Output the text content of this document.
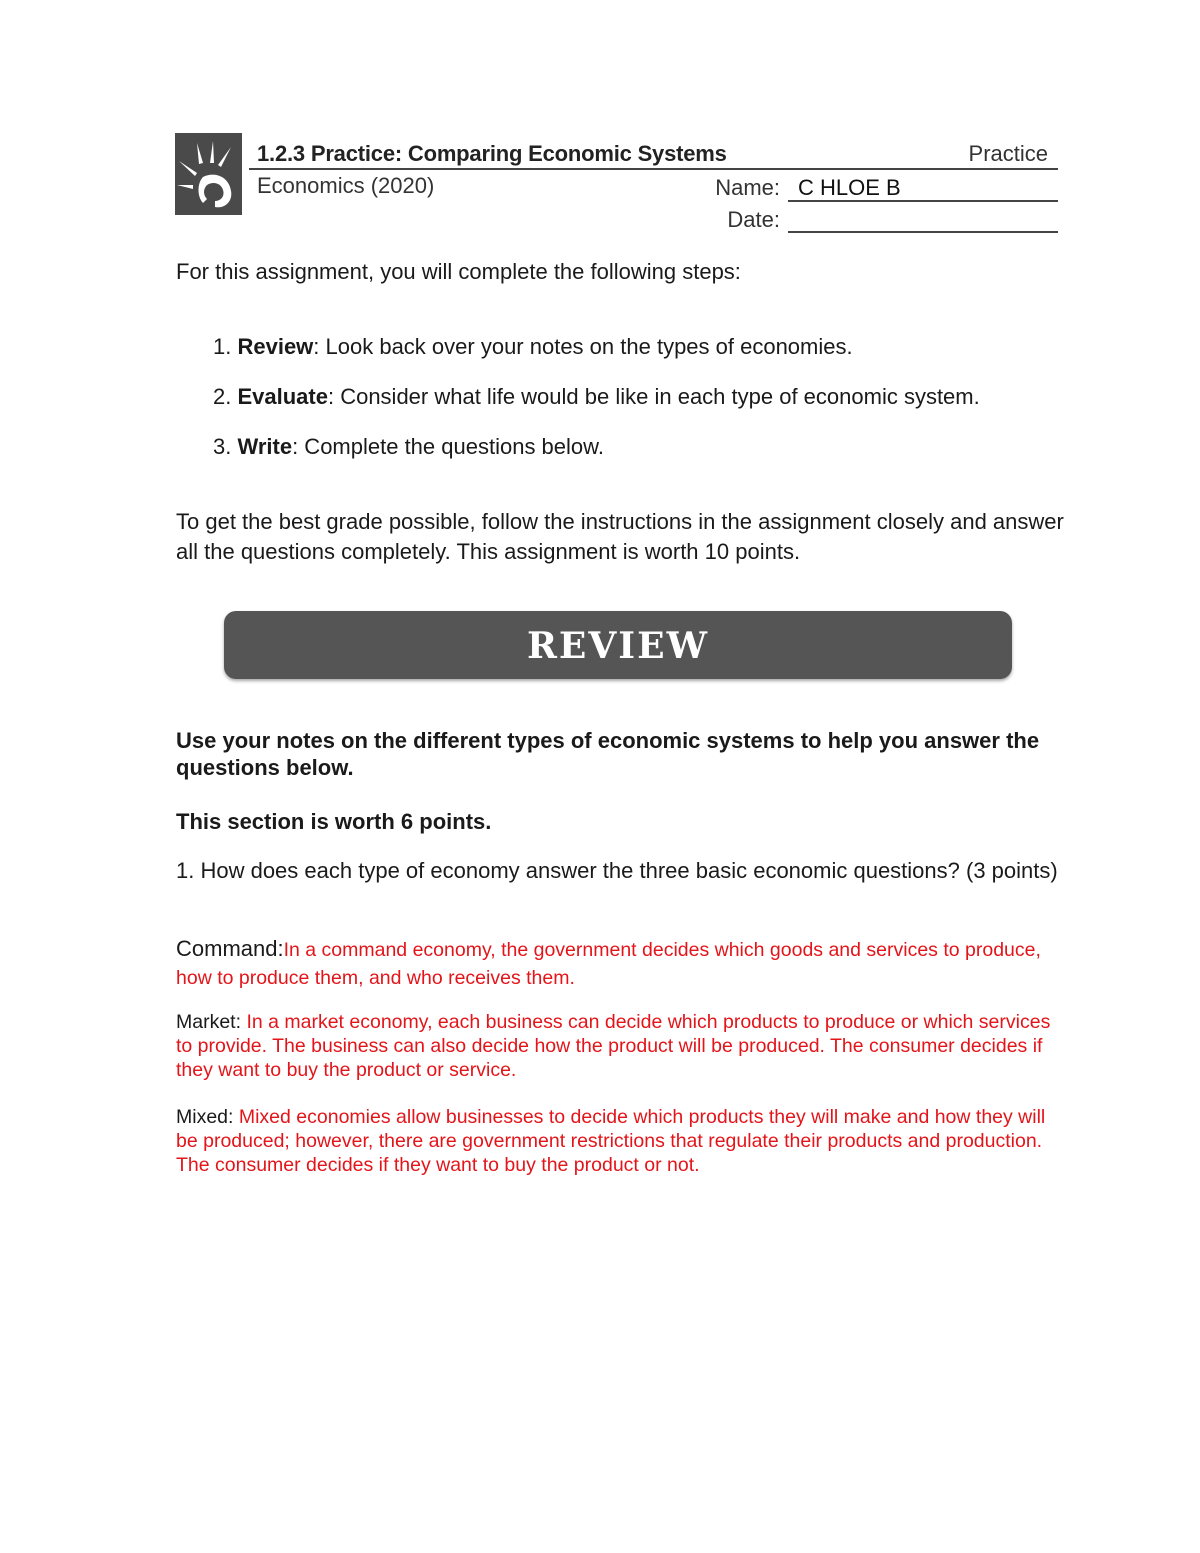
1.2.3 Practice: Comparing Economic Systems	Practice
Economics (2020)	Name: C HLOE B
Date:
For this assignment, you will complete the following steps:
1. Review: Look back over your notes on the types of economies.
2. Evaluate: Consider what life would be like in each type of economic system.
3. Write: Complete the questions below.
To get the best grade possible, follow the instructions in the assignment closely and answer all the questions completely. This assignment is worth 10 points.
REVIEW
Use your notes on the different types of economic systems to help you answer the questions below.
This section is worth 6 points.
1. How does each type of economy answer the three basic economic questions? (3 points)
Command:In a command economy, the government decides which goods and services to produce, how to produce them, and who receives them.
Market: In a market economy, each business can decide which products to produce or which services to provide. The business can also decide how the product will be produced. The consumer decides if they want to buy the product or service.
Mixed: Mixed economies allow businesses to decide which products they will make and how they will be produced; however, there are government restrictions that regulate their products and production. The consumer decides if they want to buy the product or not.
